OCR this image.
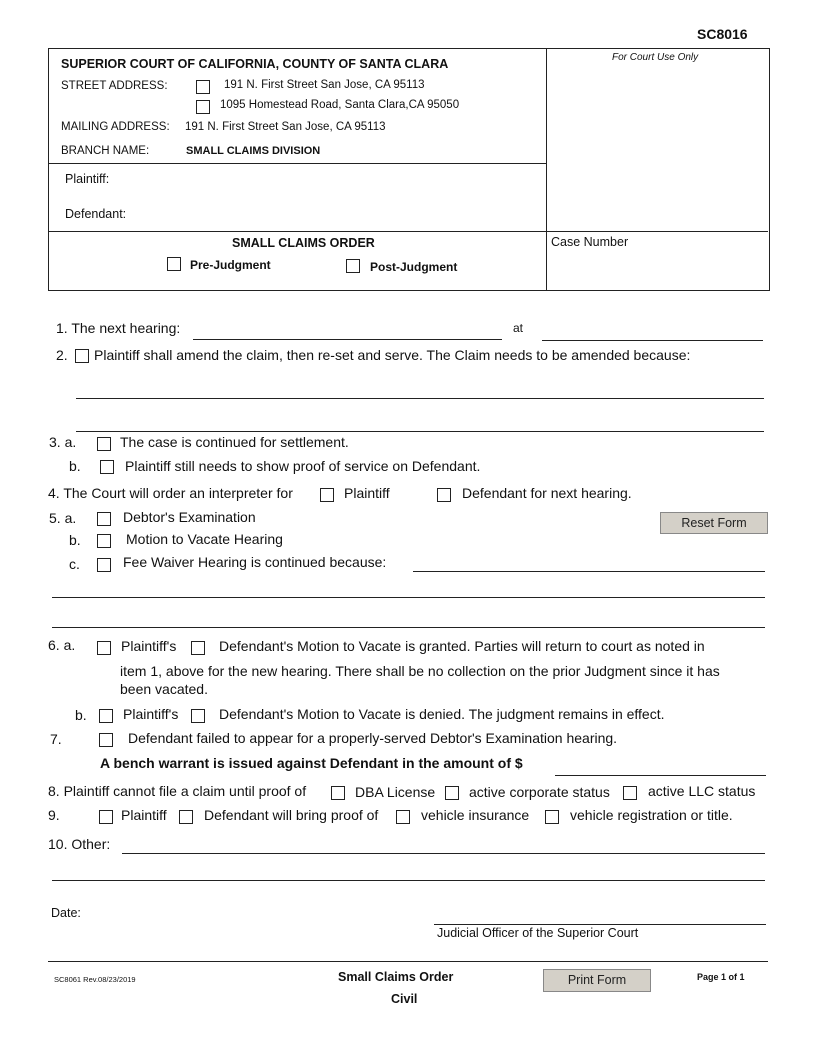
SC8016
SUPERIOR COURT OF CALIFORNIA, COUNTY OF SANTA CLARA
STREET ADDRESS:	191 N. First Street San Jose, CA 95113
1095 Homestead Road, Santa Clara,CA 95050
MAILING ADDRESS: 191 N. First Street San Jose, CA 95113
BRANCH NAME:	SMALL CLAIMS DIVISION
For Court Use Only
Plaintiff:
Defendant:
SMALL CLAIMS ORDER
Pre-Judgment	Post-Judgment
Case Number
1. The next hearing:	at
2. Plaintiff shall amend the claim, then re-set and serve. The Claim needs to be amended because:
3. a.	The case is continued for settlement.
b.	Plaintiff still needs to show proof of service on Defendant.
4. The Court will order an interpreter for	Plaintiff	Defendant for next hearing.
5. a.	Debtor's Examination	Reset Form
b.	Motion to Vacate Hearing
c.	Fee Waiver Hearing is continued because:
6. a.	Plaintiff's	Defendant's Motion to Vacate is granted. Parties will return to court as noted in
item 1, above for the new hearing. There shall be no collection on the prior Judgment since it has
been vacated.
b.	Plaintiff's	Defendant's Motion to Vacate is denied. The judgment remains in effect.
7.	Defendant failed to appear for a properly-served Debtor's Examination hearing.
A bench warrant is issued against Defendant in the amount of $
8. Plaintiff cannot file a claim until proof of	DBA License active corporate status	active LLC status
9.	Plaintiff	Defendant will bring proof of	vehicle insurance	vehicle registration or title.
10. Other:
Date:
Judicial Officer of the Superior Court
SC8061 Rev.08/23/2019	Small Claims Order
Civil
Print Form	Page 1 of 1
